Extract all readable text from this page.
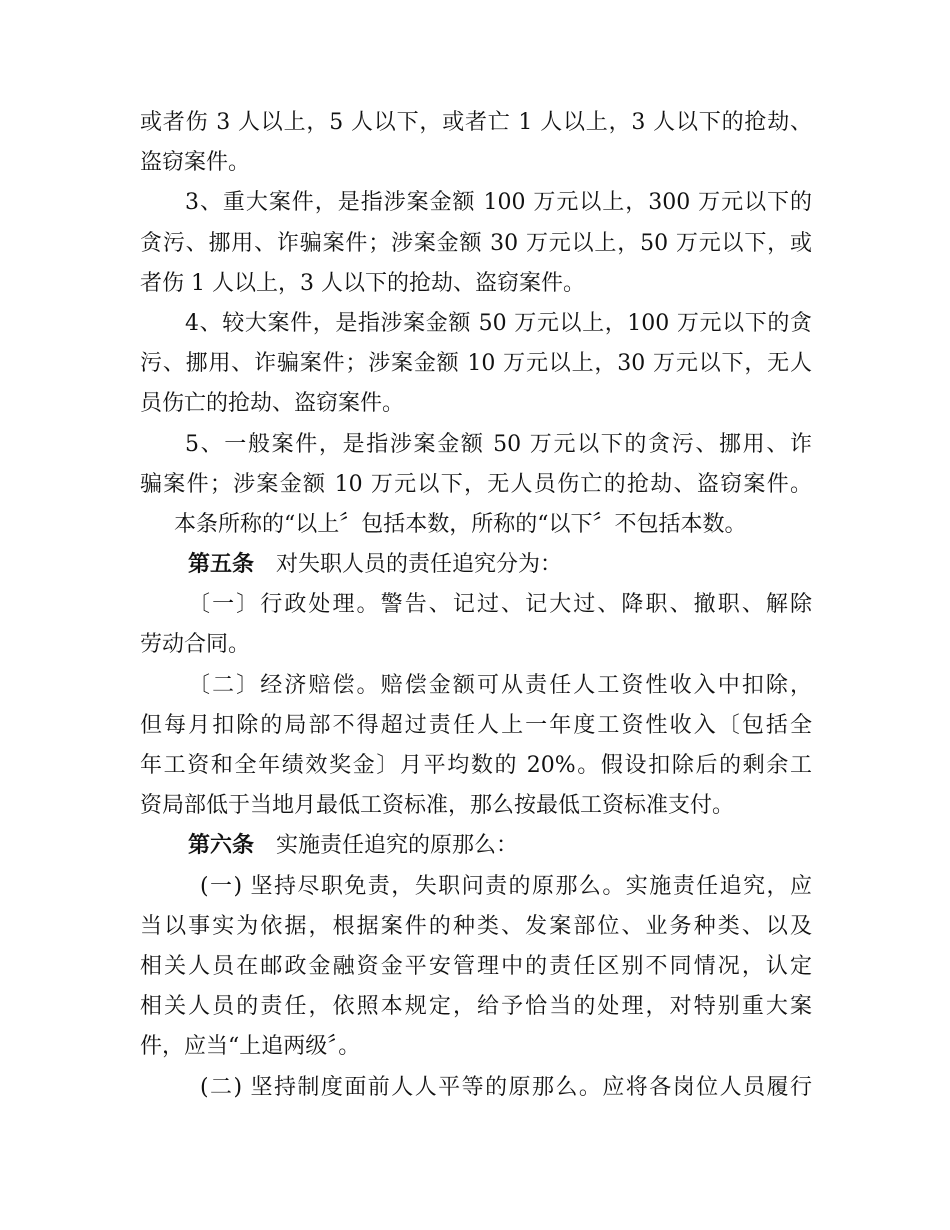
或者伤 3 人以上，5 人以下，或者亡 1 人以上，3 人以下的抢劫、
盗窃案件。
3、重大案件，是指涉案金额 100 万元以上，300 万元以下的
贪污、挪用、诈骗案件；涉案金额 30 万元以上，50 万元以下，或
者伤 1 人以上，3 人以下的抢劫、盗窃案件。
4、较大案件，是指涉案金额 50 万元以上，100 万元以下的贪
污、挪用、诈骗案件；涉案金额 10 万元以上，30 万元以下，无人
员伤亡的抢劫、盗窃案件。
5、一般案件，是指涉案金额 50 万元以下的贪污、挪用、诈
骗案件；涉案金额 10 万元以下，无人员伤亡的抢劫、盗窃案件。
本条所称的“以上〞包括本数，所称的“以下〞不包括本数。
第五条 对失职人员的责任追究分为：
〔一〕行政处理。警告、记过、记大过、降职、撤职、解除
劳动合同。
〔二〕经济赔偿。赔偿金额可从责任人工资性收入中扣除，
但每月扣除的局部不得超过责任人上一年度工资性收入〔包括全
年工资和全年绩效奖金〕月平均数的 20%。假设扣除后的剩余工
资局部低于当地月最低工资标准，那么按最低工资标准支付。
第六条 实施责任追究的原那么：
(一) 坚持尽职免责，失职问责的原那么。实施责任追究，应
当以事实为依据，根据案件的种类、发案部位、业务种类、以及
相关人员在邮政金融资金平安管理中的责任区别不同情况，认定
相关人员的责任，依照本规定，给予恰当的处理，对特别重大案
件，应当“上追两级〞。
(二) 坚持制度面前人人平等的原那么。应将各岗位人员履行
